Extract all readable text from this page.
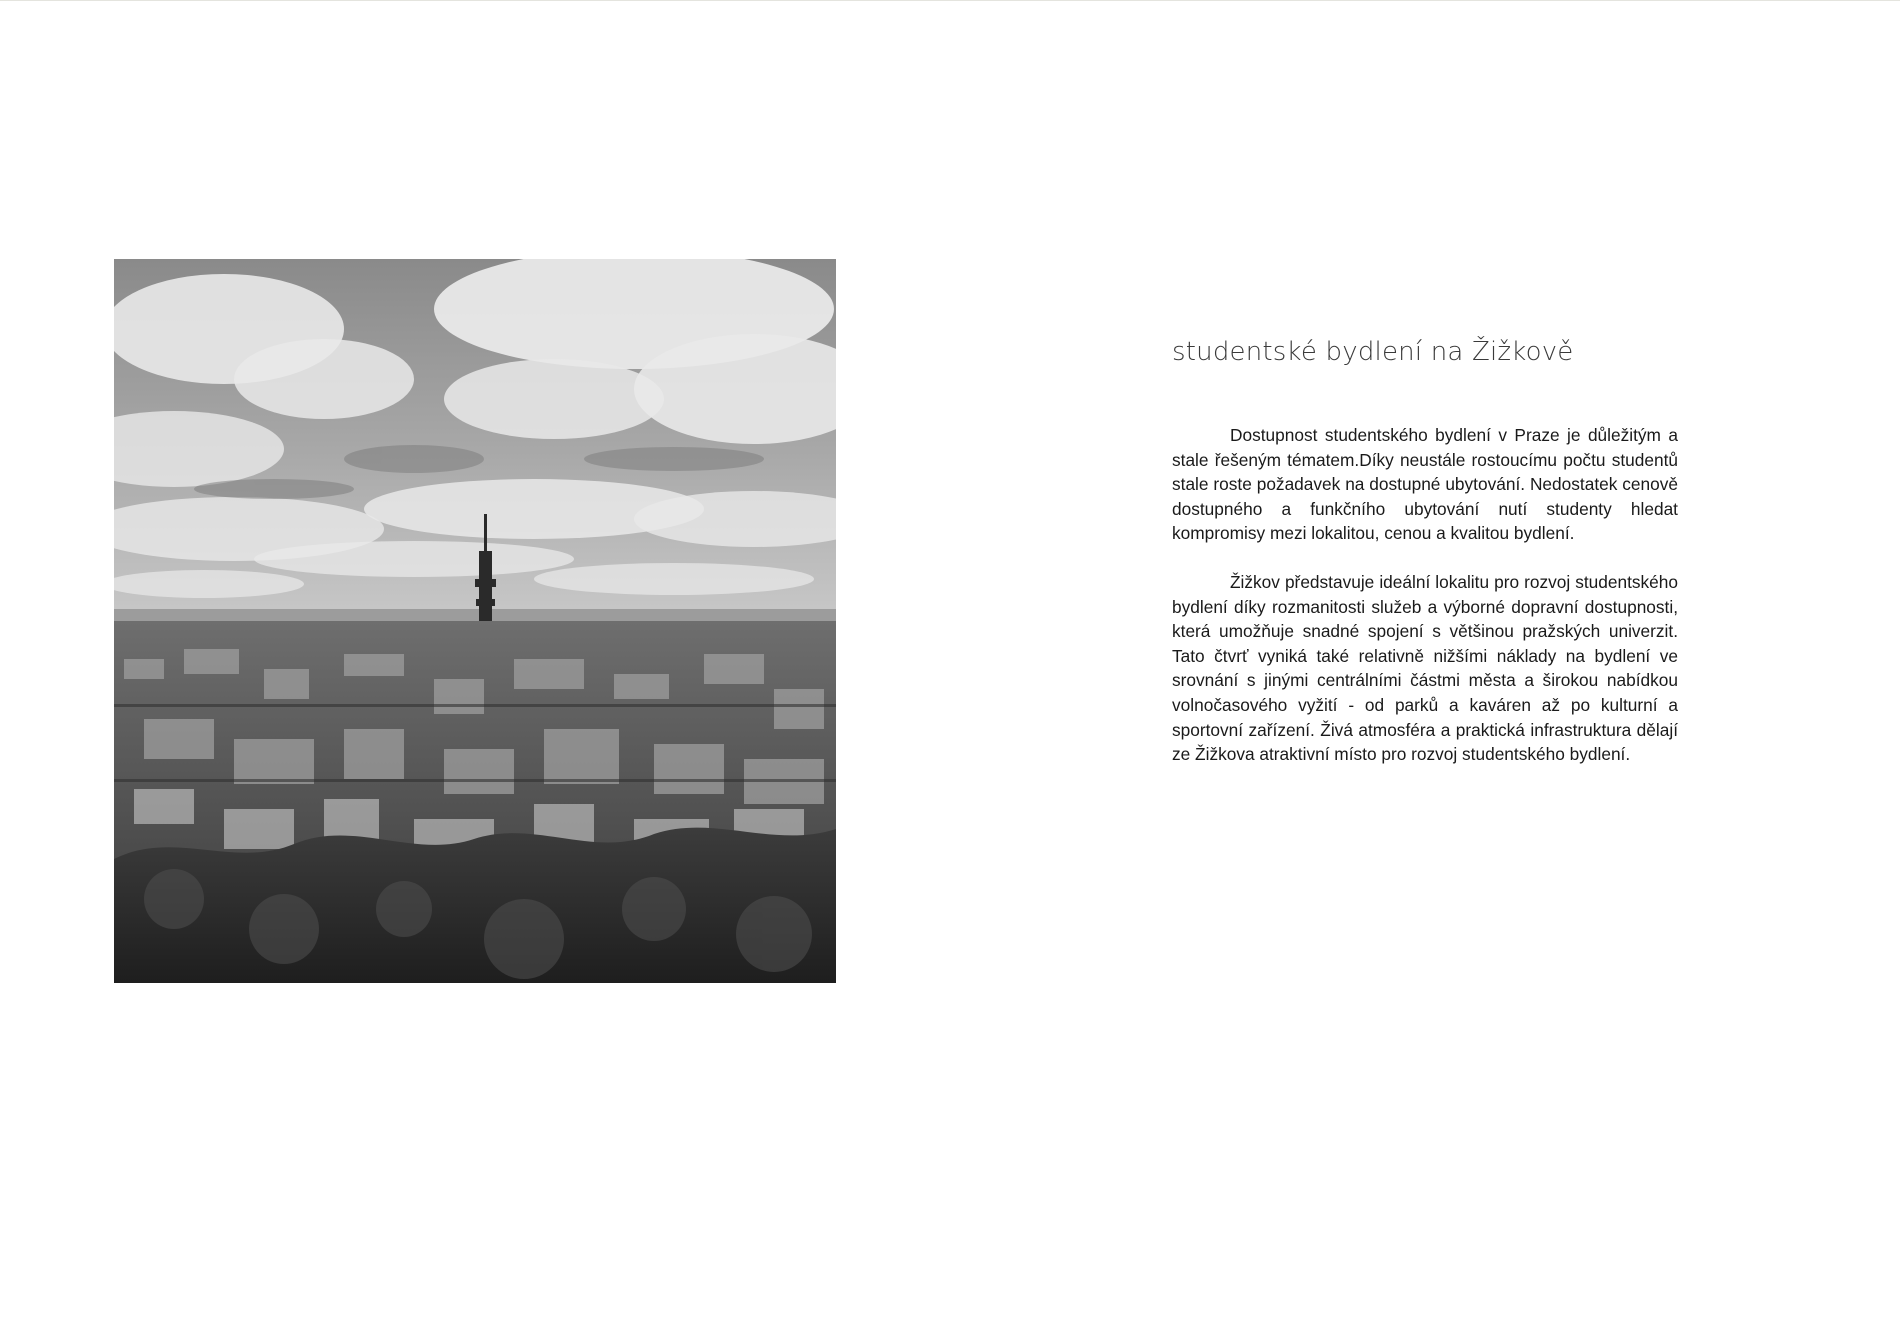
studentské bydlení na Žižkově

Dostupnost studentského bydlení v Praze je důležitým a stale řešeným tématem.Díky neustále rostoucímu počtu studentů stale roste požadavek na dostupné ubytování. Nedostatek cenově dostupného a funkčního ubytování nutí studenty hledat kompromisy mezi lokalitou, cenou a kvalitou bydlení.

Žižkov představuje ideální lokalitu pro rozvoj studentského bydlení díky rozmanitosti služeb a výborné dopravní dostupnosti, která umožňuje snadné spojení s většinou pražských univerzit. Tato čtvrť vyniká také relativně nižšími náklady na bydlení ve srovnání s jinými centrálními částmi města a širokou nabídkou volnočasového vyžití - od parků a kaváren až po kulturní a sportovní zařízení. Živá atmosféra a praktická infrastruktura dělají ze Žižkova atraktivní místo pro rozvoj studentského bydlení.
